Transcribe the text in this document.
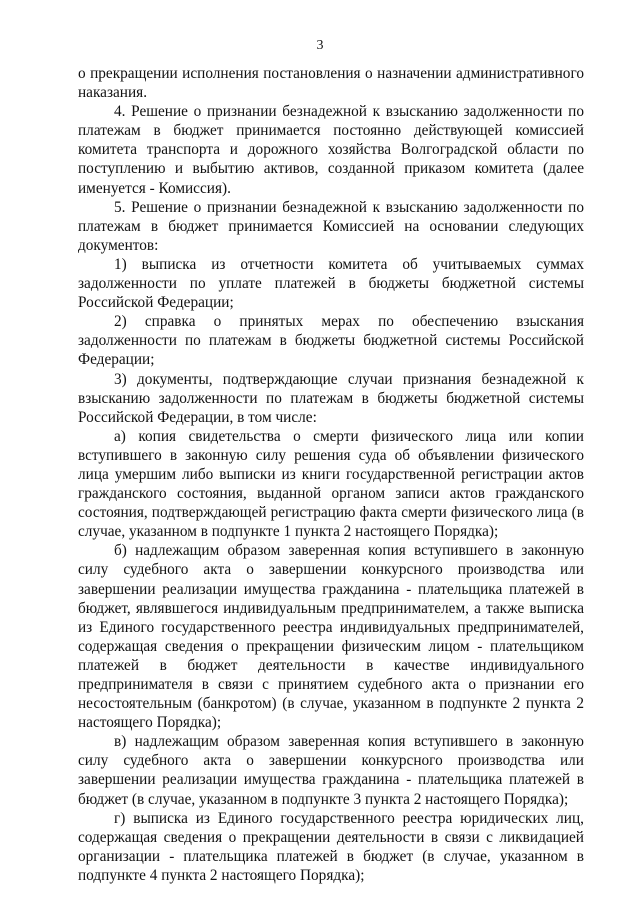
3

о прекращении исполнения постановления о назначении административного наказания.

4. Решение о признании безнадежной к взысканию задолженности по платежам в бюджет принимается постоянно действующей комиссией комитета транспорта и дорожного хозяйства Волгоградской области по поступлению и выбытию активов, созданной приказом комитета (далее именуется - Комиссия).

5. Решение о признании безнадежной к взысканию задолженности по платежам в бюджет принимается Комиссией на основании следующих документов:

1) выписка из отчетности комитета об учитываемых суммах задолженности по уплате платежей в бюджеты бюджетной системы Российской Федерации;

2) справка о принятых мерах по обеспечению взыскания задолженности по платежам в бюджеты бюджетной системы Российской Федерации;

3) документы, подтверждающие случаи признания безнадежной к взысканию задолженности по платежам в бюджеты бюджетной системы Российской Федерации, в том числе:

а) копия свидетельства о смерти физического лица или копии вступившего в законную силу решения суда об объявлении физического лица умершим либо выписки из книги государственной регистрации актов гражданского состояния, выданной органом записи актов гражданского состояния, подтверждающей регистрацию факта смерти физического лица (в случае, указанном в подпункте 1 пункта 2 настоящего Порядка);

б) надлежащим образом заверенная копия вступившего в законную силу судебного акта о завершении конкурсного производства или завершении реализации имущества гражданина - плательщика платежей в бюджет, являвшегося индивидуальным предпринимателем, а также выписка из Единого государственного реестра индивидуальных предпринимателей, содержащая сведения о прекращении физическим лицом - плательщиком платежей в бюджет деятельности в качестве индивидуального предпринимателя в связи с принятием судебного акта о признании его несостоятельным (банкротом) (в случае, указанном в подпункте 2 пункта 2 настоящего Порядка);

в) надлежащим образом заверенная копия вступившего в законную силу судебного акта о завершении конкурсного производства или завершении реализации имущества гражданина - плательщика платежей в бюджет (в случае, указанном в подпункте 3 пункта 2 настоящего Порядка);

г) выписка из Единого государственного реестра юридических лиц, содержащая сведения о прекращении деятельности в связи с ликвидацией организации - плательщика платежей в бюджет (в случае, указанном в подпункте 4 пункта 2 настоящего Порядка);
